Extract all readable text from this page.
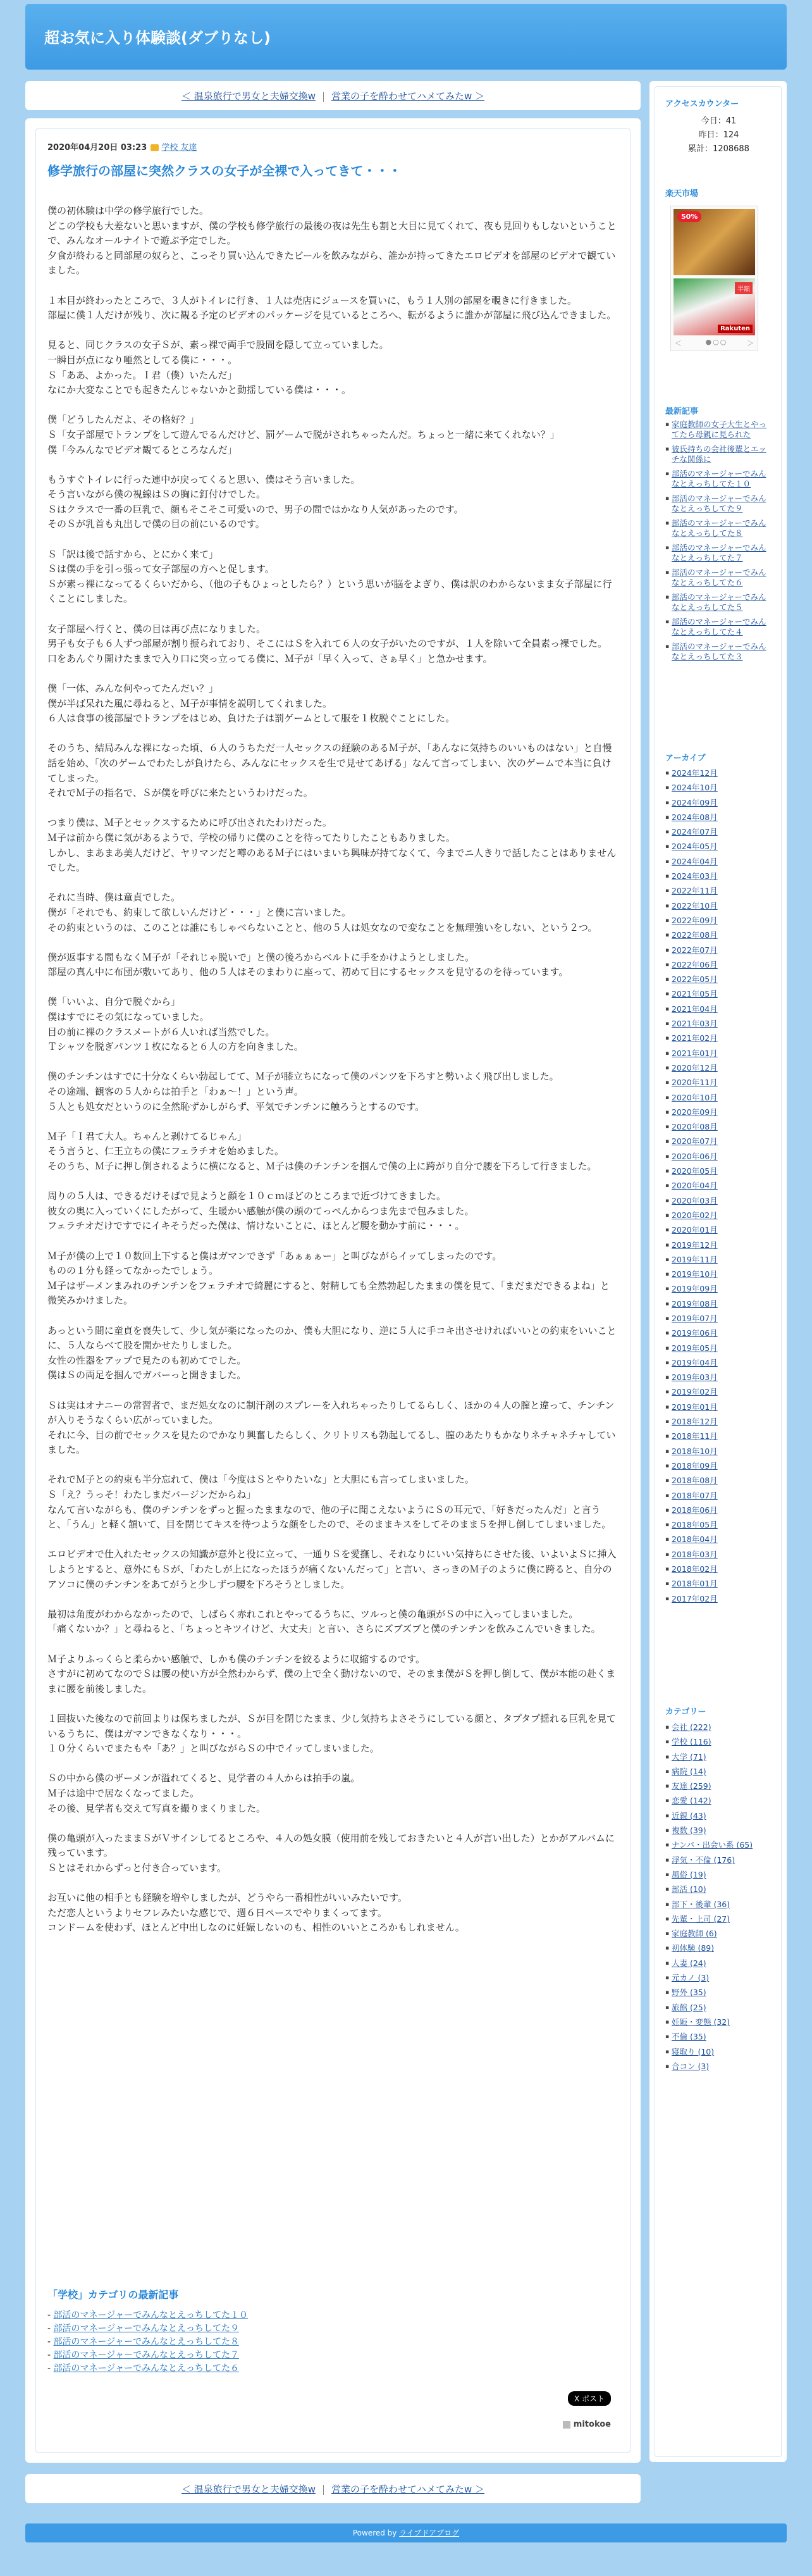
超お気に入り体験談(ダブりなし)
＜ 温泉旅行で男女と夫婦交換w 営業の子を酔わせてハメてみたw ＞
2020年04月20日 03:23 学校 友達
修学旅行の部屋に突然クラスの女子が全裸で入ってきて・・・

僕の初体験は中学の修学旅行でした。
どこの学校も大差ないと思いますが、僕の学校も修学旅行の最後の夜は先生も割と大目に見てくれて、夜も見回りもしないということで、みんなオールナイトで遊ぶ予定でした。
夕食が終わると同部屋の奴らと、こっそり買い込んできたビールを飲みながら、誰かが持ってきたエロビデオを部屋のビデオで観ていました。

１本目が終わったところで、３人がトイレに行き、１人は売店にジュースを買いに、もう１人別の部屋を覗きに行きました。
部屋に僕１人だけが残り、次に観る予定のビデオのパッケージを見ているところへ、転がるように誰かが部屋に飛び込んできました。

見ると、同じクラスの女子Ｓが、素っ裸で両手で股間を隠して立っていました。
一瞬目が点になり唖然としてる僕に・・・。
Ｓ「ああ、よかった。Ｉ君（僕）いたんだ」
なにか大変なことでも起きたんじゃないかと動揺している僕は・・・。

僕「どうしたんだよ、その格好？」
Ｓ「女子部屋でトランプをして遊んでるんだけど、罰ゲームで脱がされちゃったんだ。ちょっと一緒に来てくれない？」
僕「今みんなでビデオ観てるところなんだ」

もうすぐトイレに行った連中が戻ってくると思い、僕はそう言いました。
そう言いながら僕の視線はＳの胸に釘付けでした。
Ｓはクラスで一番の巨乳で、顔もそこそこ可愛いので、男子の間ではかなり人気があったのです。
そのＳが乳首も丸出しで僕の目の前にいるのです。

Ｓ「訳は後で話すから、とにかく来て」
Ｓは僕の手を引っ張って女子部屋の方へと促します。
Ｓが素っ裸になってるくらいだから、（他の子もひょっとしたら？）という思いが脳をよぎり、僕は訳のわからないまま女子部屋に行くことにしました。

女子部屋へ行くと、僕の目は再び点になりました。
男子も女子も６人ずつ部屋が割り振られており、そこにはＳを入れて６人の女子がいたのですが、１人を除いて全員素っ裸でした。
口をあんぐり開けたままで入り口に突っ立ってる僕に、Ｍ子が「早く入って、さぁ早く」と急かせます。

僕「一体、みんな何やってたんだい？」
僕が半ば呆れた風に尋ねると、Ｍ子が事情を説明してくれました。
６人は食事の後部屋でトランプをはじめ、負けた子は罰ゲームとして服を１枚脱ぐことにした。

そのうち、結局みんな裸になった頃、６人のうちただ一人セックスの経験のあるＭ子が、「あんなに気持ちのいいものはない」と自慢話を始め、「次のゲームでわたしが負けたら、みんなにセックスを生で見せてあげる」なんて言ってしまい、次のゲームで本当に負けてしまった。
それでＭ子の指名で、Ｓが僕を呼びに来たというわけだった。

つまり僕は、Ｍ子とセックスするために呼び出されたわけだった。
Ｍ子は前から僕に気があるようで、学校の帰りに僕のことを待ってたりしたこともありました。
しかし、まあまあ美人だけど、ヤリマンだと噂のあるＭ子にはいまいち興味が持てなくて、今までニ人きりで話したことはありませんでした。

それに当時、僕は童貞でした。
僕が「それでも、約束して欲しいんだけど・・・」と僕に言いました。
その約束というのは、このことは誰にもしゃべらないことと、他の５人は処女なので変なことを無理強いをしない、という２つ。

僕が返事する間もなくＭ子が「それじゃ脱いで」と僕の後ろからベルトに手をかけようとしました。
部屋の真ん中に布団が敷いてあり、他の５人はそのまわりに座って、初めて目にするセックスを見守るのを待っています。

僕「いいよ、自分で脱ぐから」
僕はすでにその気になっていました。
目の前に裸のクラスメートが６人いれば当然でした。
Ｔシャツを脱ぎパンツ１枚になると６人の方を向きました。

僕のチンチンはすでに十分なくらい勃起してて、Ｍ子が膝立ちになって僕のパンツを下ろすと勢いよく飛び出しました。
その途端、観客の５人からは拍手と「わぁ～！」という声。
５人とも処女だというのに全然恥ずかしがらず、平気でチンチンに触ろうとするのです。

Ｍ子「Ｉ君て大人。ちゃんと剥けてるじゃん」
そう言うと、仁王立ちの僕にフェラチオを始めました。
そのうち、Ｍ子に押し倒されるように横になると、Ｍ子は僕のチンチンを掴んで僕の上に跨がり自分で腰を下ろして行きました。

周りの５人は、できるだけそばで見ようと顔を１０ｃｍほどのところまで近づけてきました。
彼女の奥に入っていくにしたがって、生暖かい感触が僕の頭のてっぺんからつま先まで包みました。
フェラチオだけですでにイキそうだった僕は、情けないことに、ほとんど腰を動かす前に・・・。

Ｍ子が僕の上で１０数回上下すると僕はガマンできず「あぁぁぁー」と叫びながらイッてしまったのです。
ものの１分も経ってなかったでしょう。
Ｍ子はザーメンまみれのチンチンをフェラチオで綺麗にすると、射精しても全然勃起したままの僕を見て、「まだまだできるよね」と微笑みかけました。

あっという間に童貞を喪失して、少し気が楽になったのか、僕も大胆になり、逆に５人に手コキ出させければいいとの約束をいいことに、５人ならべて股を開かせたりしました。
女性の性器をアップで見たのも初めてでした。
僕はＳの両足を掴んでガバーっと開きました。

Ｓは実はオナニーの常習者で、まだ処女なのに制汗剤のスプレーを入れちゃったりしてるらしく、ほかの４人の膣と違って、チンチンが入りそうなくらい広がっていました。
それに今、目の前でセックスを見たのでかなり興奮したらしく、クリトリスも勃起してるし、膣のあたりもかなりネチャネチャしていました。

それでＭ子との約束も半分忘れて、僕は「今度はＳとやりたいな」と大胆にも言ってしまいました。
Ｓ「え？うっそ！わたしまだバージンだからね」
なんて言いながらも、僕のチンチンをずっと握ったままなので、他の子に聞こえないようにＳの耳元で、「好きだったんだ」と言うと、「うん」と軽く頷いて、目を閉じてキスを待つような顔をしたので、そのままキスをしてそのまま５を押し倒してしまいました。

エロビデオで仕入れたセックスの知識が意外と役に立って、一通りＳを愛撫し、それなりにいい気持ちにさせた後、いよいよＳに挿入しようとすると、意外にもＳが、「わたしが上になったほうが痛くないんだって」と言い、さっきのＭ子のように僕に跨ると、自分のアソコに僕のチンチンをあてがうと少しずつ腰を下ろそうとしました。

最初は角度がわからなかったので、しばらく赤れこれとやってるうちに、ツルっと僕の亀頭がＳの中に入ってしまいました。
「痛くないか？」と尋ねると、「ちょっとキツイけど、大丈夫」と言い、さらにズブズブと僕のチンチンを飲みこんでいきました。

Ｍ子よりふっくらと柔らかい感触で、しかも僕のチンチンを絞るように収縮するのです。
さすがに初めてなのでＳは腰の使い方が全然わからず、僕の上で全く動けないので、そのまま僕がＳを押し倒して、僕が本能の赴くままに腰を前後しました。

１回抜いた後なので前回よりは保ちましたが、Ｓが目を閉じたまま、少し気持ちよさそうにしている顔と、タプタプ揺れる巨乳を見ているうちに、僕はガマンできなくなり・・・。
１０分くらいでまたもや「あ？」と叫びながらＳの中でイッてしまいました。

Ｓの中から僕のザーメンが溢れてくると、見学者の４人からは拍手の嵐。
Ｍ子は途中で居なくなってました。
その後、見学者も交えて写真を撮りまくりました。

僕の亀頭が入ったままＳがＶサインしてるところや、４人の処女膜（使用前を残しておきたいと４人が言い出した）とかがアルバムに残っています。
Ｓとはそれからずっと付き合っています。

お互いに他の相手とも経験を増やしましたが、どうやら一番相性がいいみたいです。
ただ恋人というよりセフレみたいな感じで、週６日ペースでやりまくってます。
コンドームを使わず、ほとんど中出しなのに妊娠しないのも、相性のいいところかもしれません。

「学校」カテゴリの最新記事
- 部活のマネージャーでみんなとえっちしてた１０
- 部活のマネージャーでみんなとえっちしてた９
- 部活のマネージャーでみんなとえっちしてた８
- 部活のマネージャーでみんなとえっちしてた７
- 部活のマネージャーでみんなとえっちしてた６
X ポスト
mitokoe
アクセスカウンター
今日：41
昨日：124
累計：1208688
楽天市場
50%
半額
Rakuten
＜	●○○	＞
最新記事
▪ 家庭教師の女子大生とやってたら母親に見られた
▪ 彼氏持ちの会社後輩とエッチな関係に
▪ 部活のマネージャーでみんなとえっちしてた１０
▪ 部活のマネージャーでみんなとえっちしてた９
▪ 部活のマネージャーでみんなとえっちしてた８
▪ 部活のマネージャーでみんなとえっちしてた７
▪ 部活のマネージャーでみんなとえっちしてた６
▪ 部活のマネージャーでみんなとえっちしてた５
▪ 部活のマネージャーでみんなとえっちしてた４
▪ 部活のマネージャーでみんなとえっちしてた３
アーカイブ
▪ 2024年12月
▪ 2024年10月
▪ 2024年09月
▪ 2024年08月
▪ 2024年07月
▪ 2024年05月
▪ 2024年04月
▪ 2024年03月
▪ 2022年11月
▪ 2022年10月
▪ 2022年09月
▪ 2022年08月
▪ 2022年07月
▪ 2022年06月
▪ 2022年05月
▪ 2021年05月
▪ 2021年04月
▪ 2021年03月
▪ 2021年02月
▪ 2021年01月
▪ 2020年12月
▪ 2020年11月
▪ 2020年10月
▪ 2020年09月
▪ 2020年08月
▪ 2020年07月
▪ 2020年06月
▪ 2020年05月
▪ 2020年04月
▪ 2020年03月
▪ 2020年02月
▪ 2020年01月
▪ 2019年12月
▪ 2019年11月
▪ 2019年10月
▪ 2019年09月
▪ 2019年08月
▪ 2019年07月
▪ 2019年06月
▪ 2019年05月
▪ 2019年04月
▪ 2019年03月
▪ 2019年02月
▪ 2019年01月
▪ 2018年12月
▪ 2018年11月
▪ 2018年10月
▪ 2018年09月
▪ 2018年08月
▪ 2018年07月
▪ 2018年06月
▪ 2018年05月
▪ 2018年04月
▪ 2018年03月
▪ 2018年02月
▪ 2018年01月
▪ 2017年02月
カテゴリー
▪ 会社 (222)
▪ 学校 (116)
▪ 大学 (71)
▪ 病院 (14)
▪ 友達 (259)
▪ 恋愛 (142)
▪ 近親 (43)
▪ 複数 (39)
▪ ナンパ・出会い系 (65)
▪ 浮気・不倫 (176)
▪ 風俗 (19)
▪ 部活 (10)
▪ 部下・後輩 (36)
▪ 先輩・上司 (27)
▪ 家庭教師 (6)
▪ 初体験 (89)
▪ 人妻 (24)
▪ 元カノ (3)
▪ 野外 (35)
▪ 旅館 (25)
▪ 妊娠・変態 (32)
▪ 不倫 (35)
▪ 寝取り (10)
▪ 合コン (3)
＜ 温泉旅行で男女と夫婦交換w 営業の子を酔わせてハメてみたw ＞
Powered by ライブドアブログ
